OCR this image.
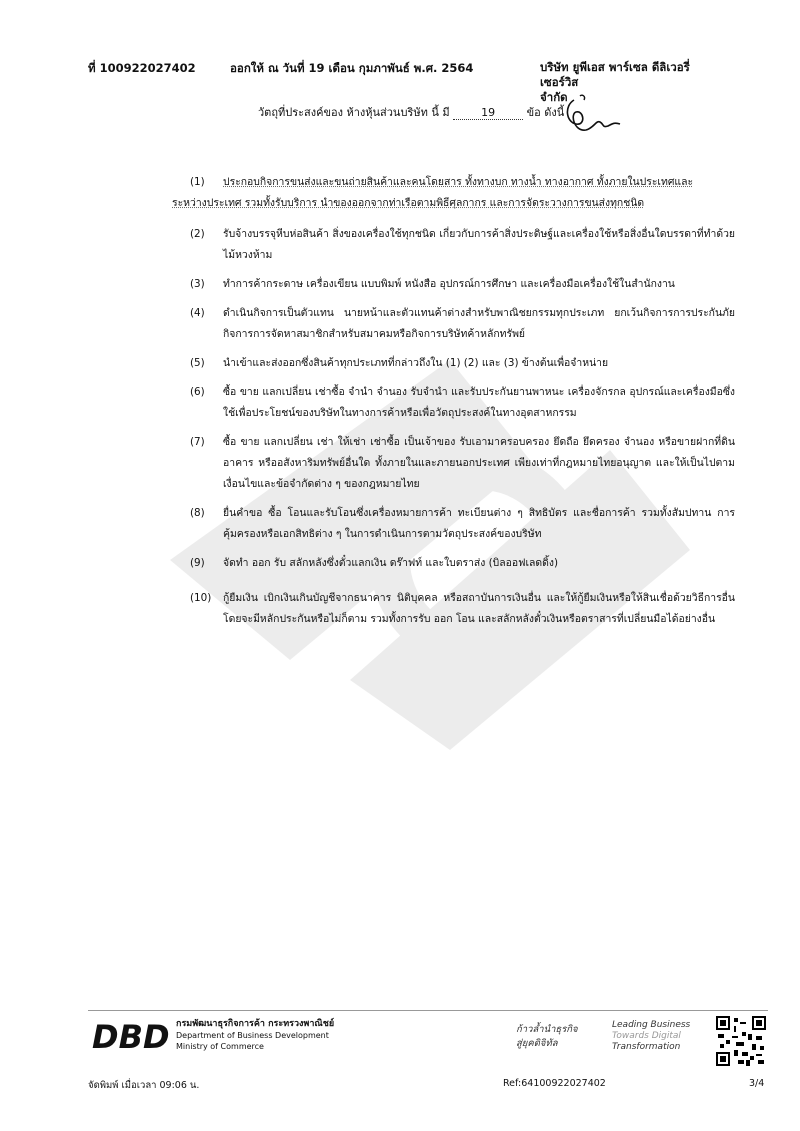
ที่ 100922027402	ออกให้ ณ วันที่ 19 เดือน กุมภาพันธ์ พ.ศ. 2564	บริษัท ยูพีเอส พาร์เซล ดีลิเวอรี่ เซอร์วิส
จำกัด
วัตถุที่ประสงค์ของ ห้างหุ้นส่วนบริษัท นี้ มี	19	ข้อ ดังนี้
(1)	ประกอบกิจการขนส่งและขนถ่ายสินค้าและคนโดยสาร ทั้งทางบก ทางน้ำ ทางอากาศ ทั้งภายในประเทศและ
ระหว่างประเทศ รวมทั้งรับบริการ นำของออกจากท่าเรือตามพิธีศุลกากร และการจัดระวางการขนส่งทุกชนิด
(2)	รับจ้างบรรจุหีบห่อสินค้า สิ่งของเครื่องใช้ทุกชนิด เกี่ยวกับการค้าสิ่งประดิษฐ์และเครื่องใช้หรือสิ่งอื่นใดบรรดาที่ทำด้วยไม้หวงห้าม
(3)	ทำการค้ากระดาษ เครื่องเขียน แบบพิมพ์ หนังสือ อุปกรณ์การศึกษา และเครื่องมือเครื่องใช้ในสำนักงาน
(4)	ดำเนินกิจการเป็นตัวแทน นายหน้าและตัวแทนค้าต่างสำหรับพาณิชยกรรมทุกประเภท ยกเว้นกิจการการประกันภัย กิจการการจัดหาสมาชิกสำหรับสมาคมหรือกิจการบริษัทค้าหลักทรัพย์
(5)	นำเข้าและส่งออกซึ่งสินค้าทุกประเภทที่กล่าวถึงใน (1) (2) และ (3) ข้างต้นเพื่อจำหน่าย
(6)	ซื้อ ขาย แลกเปลี่ยน เช่าซื้อ จำนำ จำนอง รับจำนำ และรับประกันยานพาหนะ เครื่องจักรกล อุปกรณ์และเครื่องมือซึ่งใช้เพื่อประโยชน์ของบริษัทในทางการค้าหรือเพื่อวัตถุประสงค์ในทางอุตสาหกรรม
(7)	ซื้อ ขาย แลกเปลี่ยน เช่า ให้เช่า เช่าซื้อ เป็นเจ้าของ รับเอามาครอบครอง ยึดถือ ยึดครอง จำนอง หรือขายฝากที่ดิน อาคาร หรืออสังหาริมทรัพย์อื่นใด ทั้งภายในและภายนอกประเทศ เพียงเท่าที่กฎหมายไทยอนุญาต และให้เป็นไปตามเงื่อนไขและข้อจำกัดต่าง ๆ ของกฎหมายไทย
(8)	ยื่นคำขอ ซื้อ โอนและรับโอนซึ่งเครื่องหมายการค้า ทะเบียนต่าง ๆ สิทธิบัตร และชื่อการค้า รวมทั้งสัมปทาน การคุ้มครองหรือเอกสิทธิต่าง ๆ ในการดำเนินการตามวัตถุประสงค์ของบริษัท
(9)	จัดทำ ออก รับ สลักหลังซึ่งตั๋วแลกเงิน ดร๊าฟท์ และใบตราส่ง (บิลออฟเลดดิ้ง)
(10)	กู้ยืมเงิน เบิกเงินเกินบัญชีจากธนาคาร นิติบุคคล หรือสถาบันการเงินอื่น และให้กู้ยืมเงินหรือให้สินเชื่อด้วยวิธีการอื่น โดยจะมีหลักประกันหรือไม่ก็ตาม รวมทั้งการรับ ออก โอน และสลักหลังตั๋วเงินหรือตราสารที่เปลี่ยนมือได้อย่างอื่น
DBD กรมพัฒนาธุรกิจการค้า กระทรวงพาณิชย์
Department of Business Development
Ministry of Commerce
ก้าวล้ำนำธุรกิจ
สู่ยุคดิจิทัล
Leading Business
Towards Digital
Transformation
จัดพิมพ์ เมื่อเวลา 09:06 น.	Ref:64100922027402	3/4
